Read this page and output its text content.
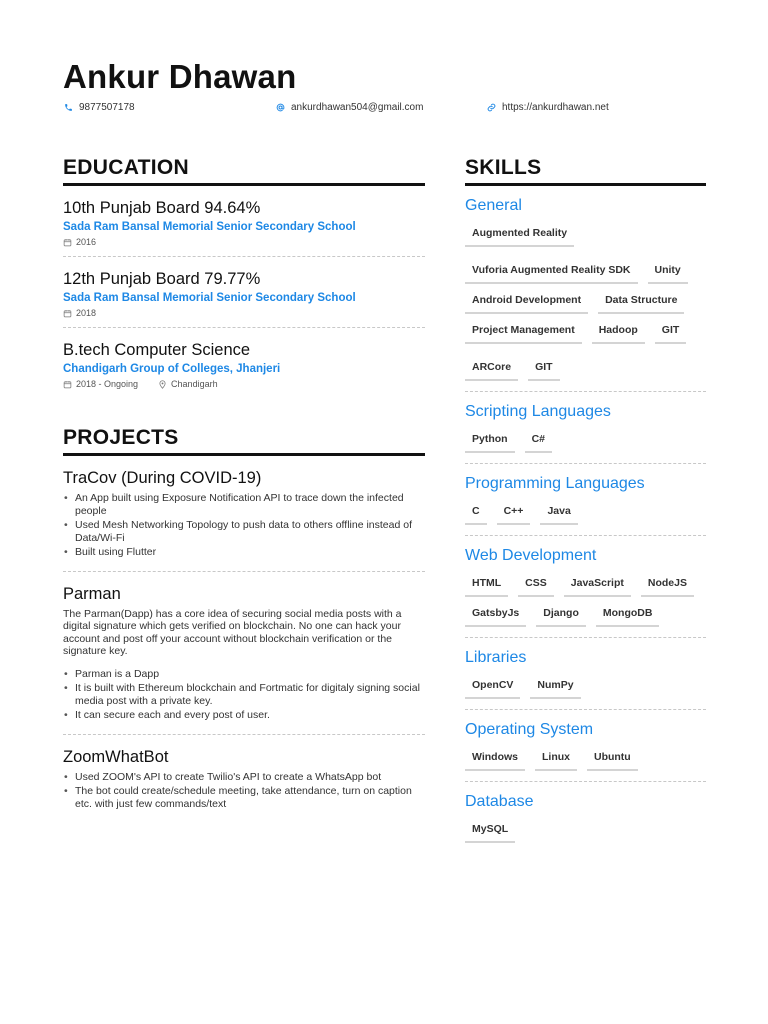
Ankur Dhawan
9877507178	ankurdhawan504@gmail.com	https://ankurdhawan.net
EDUCATION
10th Punjab Board 94.64%
Sada Ram Bansal Memorial Senior Secondary School
2016
12th Punjab Board 79.77%
Sada Ram Bansal Memorial Senior Secondary School
2018
B.tech Computer Science
Chandigarh Group of Colleges, Jhanjeri
2018 - Ongoing	Chandigarh
PROJECTS
TraCov (During COVID-19)
• An App built using Exposure Notification API to trace down the infected people
• Used Mesh Networking Topology to push data to others offline instead of Data/Wi-Fi
• Built using Flutter
Parman
The Parman(Dapp) has a core idea of securing social media posts with a digital signature which gets verified on blockchain. No one can hack your account and post off your account without blockchain verification or the signature key.
• Parman is a Dapp
• It is built with Ethereum blockchain and Fortmatic for digitaly signing social media post with a private key.
• It can secure each and every post of user.
ZoomWhatBot
• Used ZOOM's API to create Twilio's API to create a WhatsApp bot
• The bot could create/schedule meeting, take attendance, turn on caption etc. with just few commands/text
SKILLS
General
Augmented Reality
Vuforia Augmented Reality SDK	Unity
Android Development	Data Structure
Project Management	Hadoop	GIT
ARCore	GIT
Scripting Languages
Python	C#
Programming Languages
C	C++	Java
Web Development
HTML	CSS	JavaScript	NodeJS
GatsbyJs	Django	MongoDB
Libraries
OpenCV	NumPy
Operating System
Windows	Linux	Ubuntu
Database
MySQL
